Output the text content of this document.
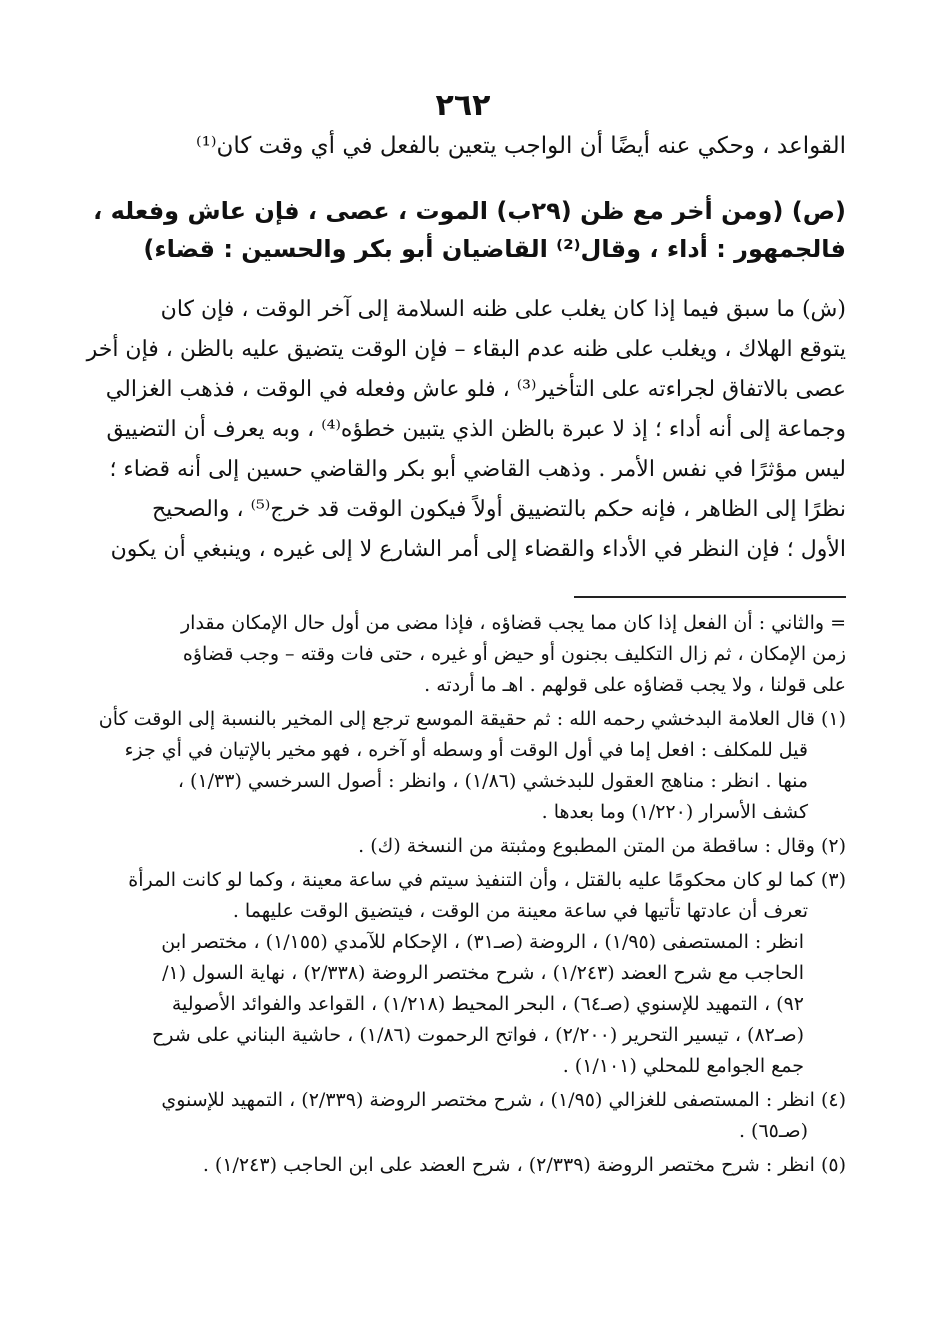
٢٦٢
القواعد ، وحكي عنه أيضًا أن الواجب يتعين بالفعل في أي وقت كان⁽¹⁾
(ص) (ومن أخر مع ظن (٢٩ب) الموت ، عصى ، فإن عاش وفعله ،
فالجمهور : أداء ، وقال⁽²⁾ القاضيان أبو بكر والحسين : قضاء)
(ش) ما سبق فيما إذا كان يغلب على ظنه السلامة إلى آخر الوقت ، فإن كان
يتوقع الهلاك ، ويغلب على ظنه عدم البقاء – فإن الوقت يتضيق عليه بالظن ، فإن أخر
عصى بالاتفاق لجراءته على التأخير⁽³⁾ ، فلو عاش وفعله في الوقت ، فذهب الغزالي
وجماعة إلى أنه أداء ؛ إذ لا عبرة بالظن الذي يتبين خطؤه⁽⁴⁾ ، وبه يعرف أن التضييق
ليس مؤثرًا في نفس الأمر . وذهب القاضي أبو بكر والقاضي حسين إلى أنه قضاء ؛
نظرًا إلى الظاهر ، فإنه حكم بالتضييق أولاً فيكون الوقت قد خرج⁽⁵⁾ ، والصحيح
الأول ؛ فإن النظر في الأداء والقضاء إلى أمر الشارع لا إلى غيره ، وينبغي أن يكون
= والثاني : أن الفعل إذا كان مما يجب قضاؤه ، فإذا مضى من أول حال الإمكان مقدار
زمن الإمكان ، ثم زال التكليف بجنون أو حيض أو غيره ، حتى فات وقته – وجب قضاؤه
على قولنا ، ولا يجب قضاؤه على قولهم . اهـ ما أردته .
(١) قال العلامة البدخشي رحمه الله : ثم حقيقة الموسع ترجع إلى المخير بالنسبة إلى الوقت كأن
قيل للمكلف : افعل إما في أول الوقت أو وسطه أو آخره ، فهو مخير بالإتيان في أي جزء
منها . انظر : مناهج العقول للبدخشي (١/٨٦) ، وانظر : أصول السرخسي (١/٣٣) ،
كشف الأسرار (١/٢٢٠) وما بعدها .
(٢) وقال : ساقطة من المتن المطبوع ومثبتة من النسخة (ك) .
(٣) كما لو كان محكومًا عليه بالقتل ، وأن التنفيذ سيتم في ساعة معينة ، وكما لو كانت المرأة
تعرف أن عادتها تأتيها في ساعة معينة من الوقت ، فيتضيق الوقت عليهما .
انظر : المستصفى (١/٩٥) ، الروضة (صـ٣١) ، الإحكام للآمدي (١/١٥٥) ، مختصر ابن
الحاجب مع شرح العضد (١/٢٤٣) ، شرح مختصر الروضة (٢/٣٣٨) ، نهاية السول (١/
٩٢) ، التمهيد للإسنوي (صـ٦٤) ، البحر المحيط (١/٢١٨) ، القواعد والفوائد الأصولية
(صـ٨٢) ، تيسير التحرير (٢/٢٠٠) ، فواتح الرحموت (١/٨٦) ، حاشية البناني على شرح
جمع الجوامع للمحلي (١/١٠١) .
(٤) انظر : المستصفى للغزالي (١/٩٥) ، شرح مختصر الروضة (٢/٣٣٩) ، التمهيد للإسنوي
(صـ٦٥) .
(٥) انظر : شرح مختصر الروضة (٢/٣٣٩) ، شرح العضد على ابن الحاجب (١/٢٤٣) .
